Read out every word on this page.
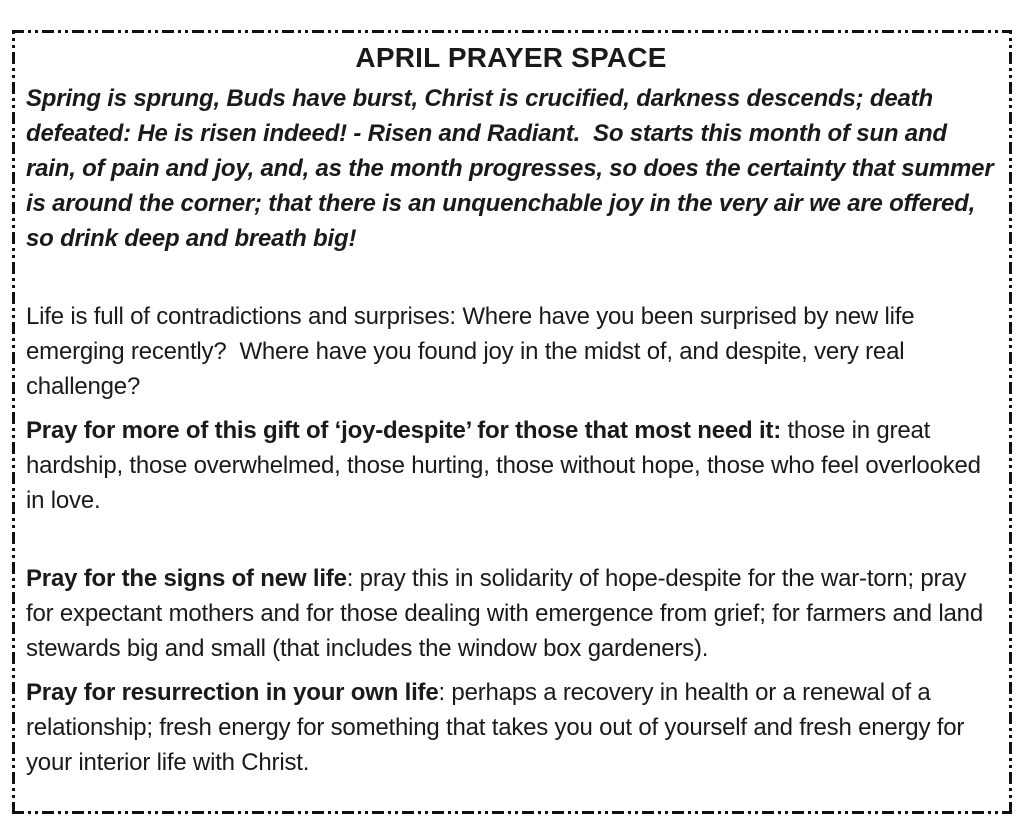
APRIL PRAYER SPACE
Spring is sprung, Buds have burst, Christ is crucified, darkness descends; death defeated: He is risen indeed! - Risen and Radiant.  So starts this month of sun and rain, of pain and joy, and, as the month progresses, so does the certainty that summer is around the corner; that there is an unquenchable joy in the very air we are offered, so drink deep and breath big!
Life is full of contradictions and surprises: Where have you been surprised by new life emerging recently?  Where have you found joy in the midst of, and despite, very real challenge?
Pray for more of this gift of ‘joy-despite’ for those that most need it: those in great hardship, those overwhelmed, those hurting, those without hope, those who feel overlooked in love.
Pray for the signs of new life: pray this in solidarity of hope-despite for the war-torn; pray for expectant mothers and for those dealing with emergence from grief; for farmers and land stewards big and small (that includes the window box gardeners).
Pray for resurrection in your own life: perhaps a recovery in health or a renewal of a relationship; fresh energy for something that takes you out of yourself and fresh energy for your interior life with Christ.
